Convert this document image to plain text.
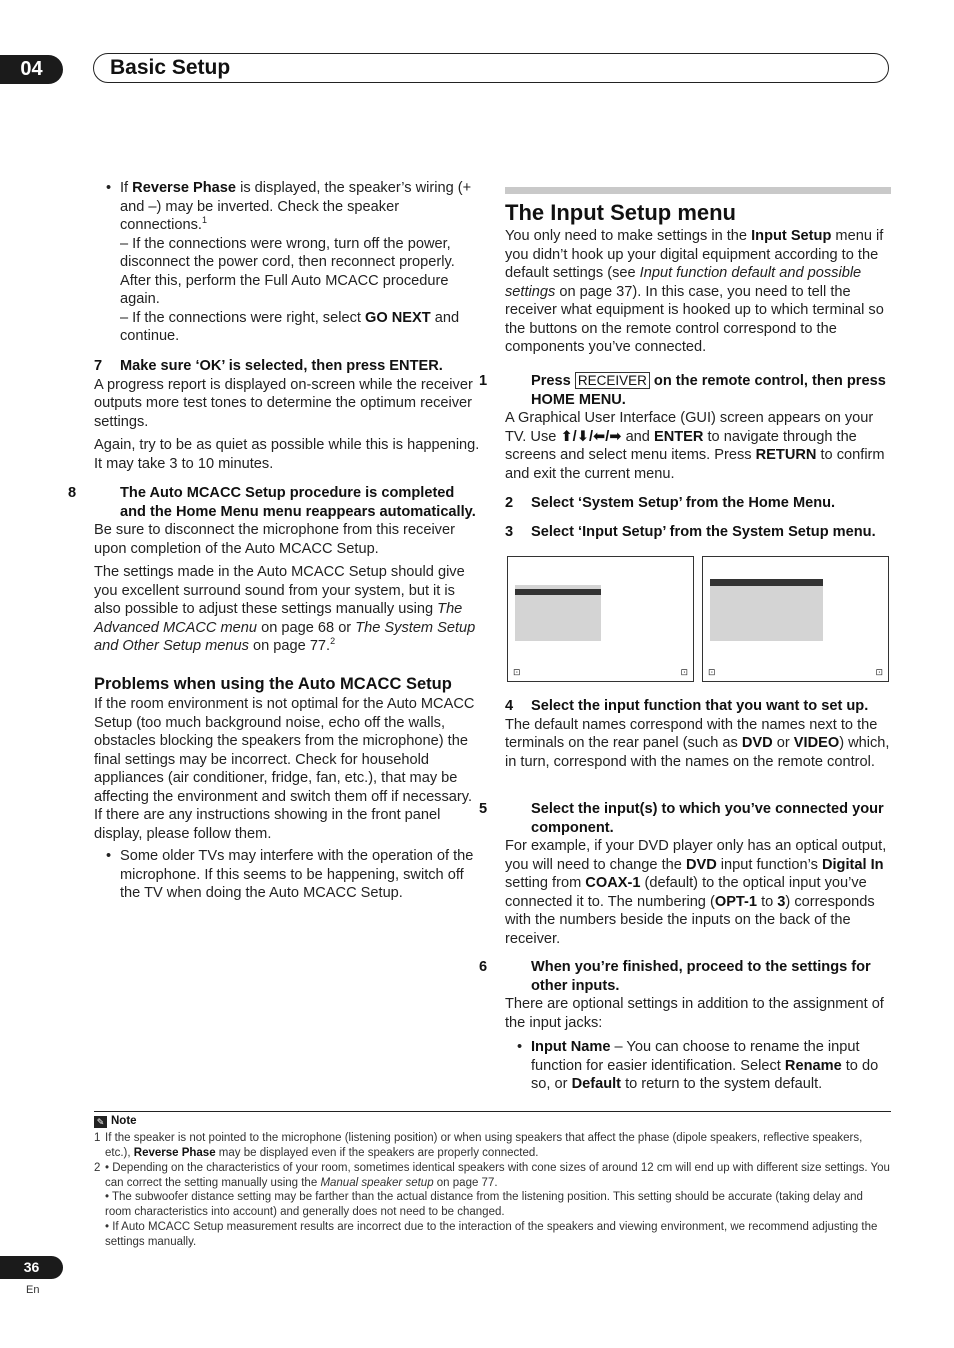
04	Basic Setup
• If Reverse Phase is displayed, the speaker’s wiring (+ and –) may be inverted. Check the speaker connections.$^1$

– If the connections were wrong, turn off the power, disconnect the power cord, then reconnect properly. After this, perform the Full Auto MCACC procedure again.

– If the connections were right, select GO NEXT and continue.

7 Make sure ‘OK’ is selected, then press ENTER.

A progress report is displayed on-screen while the receiver outputs more test tones to determine the optimum receiver settings.

Again, try to be as quiet as possible while this is happening. It may take 3 to 10 minutes.

8	The Auto MCACC Setup procedure is completed and the Home Menu menu reappears automatically.

Be sure to disconnect the microphone from this receiver upon completion of the Auto MCACC Setup.

The settings made in the Auto MCACC Setup should give you excellent surround sound from your system, but it is also possible to adjust these settings manually using The Advanced MCACC menu on page 68 or The System Setup and Other Setup menus on page 77.$^2$

Problems when using the Auto MCACC Setup

If the room environment is not optimal for the Auto MCACC Setup (too much background noise, echo off the walls, obstacles blocking the speakers from the microphone) the final settings may be incorrect. Check for household appliances (air conditioner, fridge, fan, etc.), that may be affecting the environment and switch them off if necessary. If there are any instructions showing in the front panel display, please follow them.

• Some older TVs may interfere with the operation of the microphone. If this seems to be happening, switch off the TV when doing the Auto MCACC Setup.

The Input Setup menu

You only need to make settings in the Input Setup menu if you didn’t hook up your digital equipment according to the default settings (see Input function default and possible settings on page 37). In this case, you need to tell the receiver what equipment is hooked up to which terminal so the buttons on the remote control correspond to the components you’ve connected.

1	Press RECEIVER on the remote control, then press HOME MENU.

A Graphical User Interface (GUI) screen appears on your TV. Use ⬆/⬇/⬅/➡ and ENTER to navigate through the screens and select menu items. Press RETURN to confirm and exit the current menu.

2 Select ‘System Setup’ from the Home Menu.

3 Select ‘Input Setup’ from the System Setup menu.

⊡	⊡ ⊡	⊡

4 Select the input function that you want to set up.

The default names correspond with the names next to the terminals on the rear panel (such as DVD or VIDEO) which, in turn, correspond with the names on the remote control.

5	Select the input(s) to which you’ve connected your component.

For example, if your DVD player only has an optical output, you will need to change the DVD input function’s Digital In setting from COAX-1 (default) to the optical input you’ve connected it to. The numbering (OPT-1 to 3) corresponds with the numbers beside the inputs on the back of the receiver.

6	When you’re finished, proceed to the settings for other inputs.

There are optional settings in addition to the assignment of the input jacks:

• Input Name – You can choose to rename the input function for easier identification. Select Rename to do so, or Default to return to the system default.

✎ Note
1 If the speaker is not pointed to the microphone (listening position) or when using speakers that affect the phase (dipole speakers, reflective speakers, etc.), Reverse Phase may be displayed even if the speakers are properly connected.
2 • Depending on the characteristics of your room, sometimes identical speakers with cone sizes of around 12 cm will end up with different size settings. You can correct the setting manually using the Manual speaker setup on page 77.
• The subwoofer distance setting may be farther than the actual distance from the listening position. This setting should be accurate (taking delay and room characteristics into account) and generally does not need to be changed.
• If Auto MCACC Setup measurement results are incorrect due to the interaction of the speakers and viewing environment, we recommend adjusting the settings manually.
36
En
